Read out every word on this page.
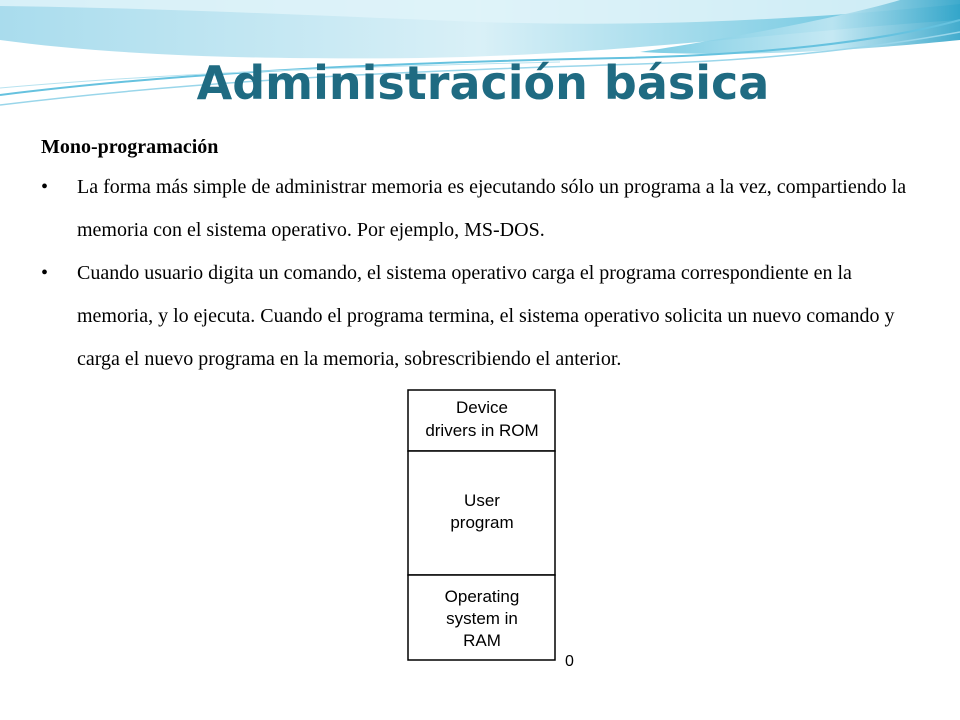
Administración básica
Mono-programación
• La forma más simple de administrar memoria es ejecutando sólo un programa a la vez, compartiendo la memoria con el sistema operativo. Por ejemplo, MS-DOS.
• Cuando usuario digita un comando, el sistema operativo carga el programa correspondiente en la memoria, y lo ejecuta. Cuando el programa termina, el sistema operativo solicita un nuevo comando y carga el nuevo programa en la memoria, sobrescribiendo el anterior.
Device
drivers in ROM
User
program
Operating
system in
RAM
0
